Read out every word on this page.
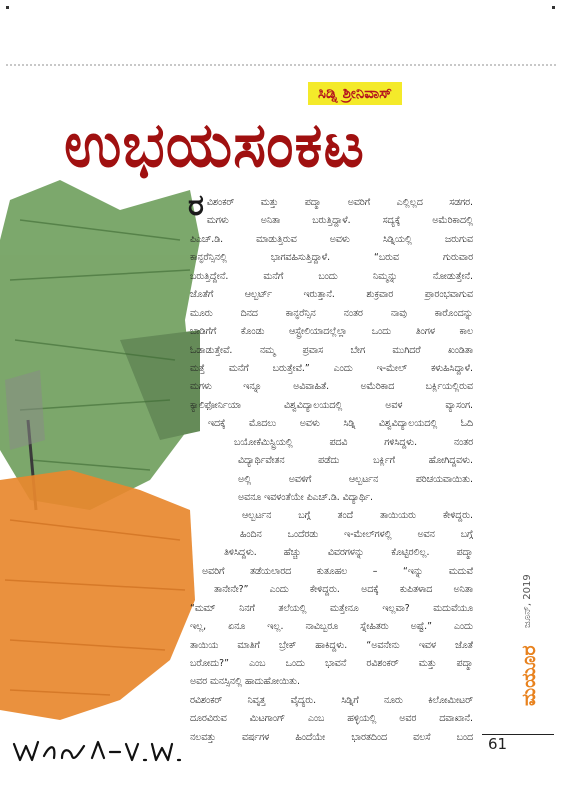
ಸಿಡ್ನಿ ಶ್ರೀನಿವಾಸ್
ಉಭಯಸಂಕಟ
ರ ವಿಶಂಕರ್ ಮತ್ತು ಪದ್ಮಾ ಅವರಿಗೆ ಎಲ್ಲಿಲ್ಲದ ಸಡಗರ.
ಮಗಳು ಅನಿತಾ ಬರುತ್ತಿದ್ದಾಳೆ. ಸದ್ಯಕ್ಕೆ ಅಮೆರಿಕಾದಲ್ಲಿ
ಪಿಎಚ್.ಡಿ. ಮಾಡುತ್ತಿರುವ ಅವಳು ಸಿಡ್ನಿಯಲ್ಲಿ ಜರುಗುವ
ಕಾನ್ಫರೆನ್ಸಿನಲ್ಲಿ ಭಾಗವಹಿಸುತ್ತಿದ್ದಾಳೆ. “ಬರುವ ಗುರುವಾರ
ಬರುತ್ತಿದ್ದೇನೆ. ಮನೆಗೆ ಬಂದು ನಿಮ್ಮನ್ನು ನೋಡುತ್ತೇನೆ.
ಜೊತೆಗೆ ಆಲ್ಬರ್ಟ್ ಇರುತ್ತಾನೆ. ಶುಕ್ರವಾರ ಪ್ರಾರಂಭವಾಗುವ
ಮೂರು ದಿನದ ಕಾನ್ಫರೆನ್ಸಿನ ನಂತರ ನಾವು ಕಾರೊಂದನ್ನು
ಬಾಡಿಗೆಗೆ ಕೊಂಡು ಆಸ್ಟ್ರೇಲಿಯಾದಲ್ಲೆಲ್ಲಾ ಒಂದು ತಿಂಗಳ ಕಾಲ
ಓಡಾಡುತ್ತೇವೆ. ನಮ್ಮ ಪ್ರವಾಸ ಬೇಗ ಮುಗಿದರೆ ಖಂಡಿತಾ
ಮತ್ತೆ ಮನೆಗೆ ಬರುತ್ತೇವೆ.” ಎಂದು ಇ-ಮೇಲ್ ಕಳುಹಿಸಿದ್ದಾಳೆ.
ಮಗಳು ಇನ್ನೂ ಅವಿವಾಹಿತೆ. ಅಮೆರಿಕಾದ ಬರ್ಕ್ಲಿಯಲ್ಲಿರುವ
ಕ್ಯಾಲಿಫೋರ್ನಿಯಾ ವಿಶ್ವವಿದ್ಯಾಲಯದಲ್ಲಿ ಅವಳ ವ್ಯಾಸಂಗ.
ಇದಕ್ಕೆ ಮೊದಲು ಅವಳು ಸಿಡ್ನಿ ವಿಶ್ವವಿದ್ಯಾಲಯದಲ್ಲಿ ಓದಿ
ಬಯೋಕೆಮಿಸ್ಟ್ರಿಯಲ್ಲಿ ಪದವಿ ಗಳಿಸಿದ್ದಳು. ನಂತರ
ವಿದ್ಯಾರ್ಥಿವೇತನ ಪಡೆದು ಬರ್ಕ್ಲಿಗೆ ಹೋಗಿದ್ದವಳು.
ಅಲ್ಲಿ ಅವಳಿಗೆ ಆಲ್ಬರ್ಟನ ಪರಿಚಯವಾಯಿತು.
ಅವನೂ ಇವಳಂತೆಯೇ ಪಿಎಚ್.ಡಿ. ವಿದ್ಯಾರ್ಥಿ.
ಆಲ್ಬರ್ಟನ ಬಗ್ಗೆ ತಂದೆ ತಾಯಿಯರು ಕೇಳಿದ್ದರು.
ಹಿಂದಿನ ಒಂದೆರಡು ಇ-ಮೇಲ್‌ಗಳಲ್ಲಿ ಅವನ ಬಗ್ಗೆ
ತಿಳಿಸಿದ್ದಳು. ಹೆಚ್ಚು ವಿವರಗಳನ್ನು ಕೊಟ್ಟಿರಲಿಲ್ಲ. ಪದ್ಮಾ
ಅವರಿಗೆ ತಡೆಯಲಾರದ ಕುತೂಹಲ – “ಇನ್ನು ಮದುವೆ
ತಾನೇನೇ?” ಎಂದು ಕೇಳಿದ್ದರು. ಅದಕ್ಕೆ ಕುಪಿತಳಾದ ಅನಿತಾ
“ಮಮ್ ನಿನಗೆ ತಲೆಯಲ್ಲಿ ಮತ್ತೇನೂ ಇಲ್ಲವಾ? ಮದುವೆಯೂ
ಇಲ್ಲ, ಏನೂ ಇಲ್ಲ. ನಾವಿಬ್ಬರೂ ಸ್ನೇಹಿತರು ಅಷ್ಟೆ.” ಎಂದು
ತಾಯಿಯ ಮಾತಿಗೆ ಬ್ರೇಕ್ ಹಾಕಿದ್ದಳು. “ಅವನೇನು ಇವಳ ಜೊತೆ
ಬರೋದು?” ಎಂಬ ಒಂದು ಭಾವನೆ ರವಿಶಂಕರ್ ಮತ್ತು ಪದ್ಮಾ
ಅವರ ಮನಸ್ಸಿನಲ್ಲಿ ಹಾದುಹೋಯಿತು.
ರವಿಶಂಕರ್ ನಿವೃತ್ತ ವೈದ್ಯರು. ಸಿಡ್ನಿಗೆ ನೂರು ಕಿಲೋಮೀಟರ್
ದೂರವಿರುವ ಮಿಟಗಾಂಗ್ ಎಂಬ ಹಳ್ಳಿಯಲ್ಲಿ ಅವರ ದವಾಖಾನೆ.
ನಲವತ್ತು ವರ್ಷಗಳ ಹಿಂದೆಯೇ ಭಾರತದಿಂದ ವಲಸೆ ಬಂದ
ಮಯೂರ
ಜೂನ್, 2019
61
